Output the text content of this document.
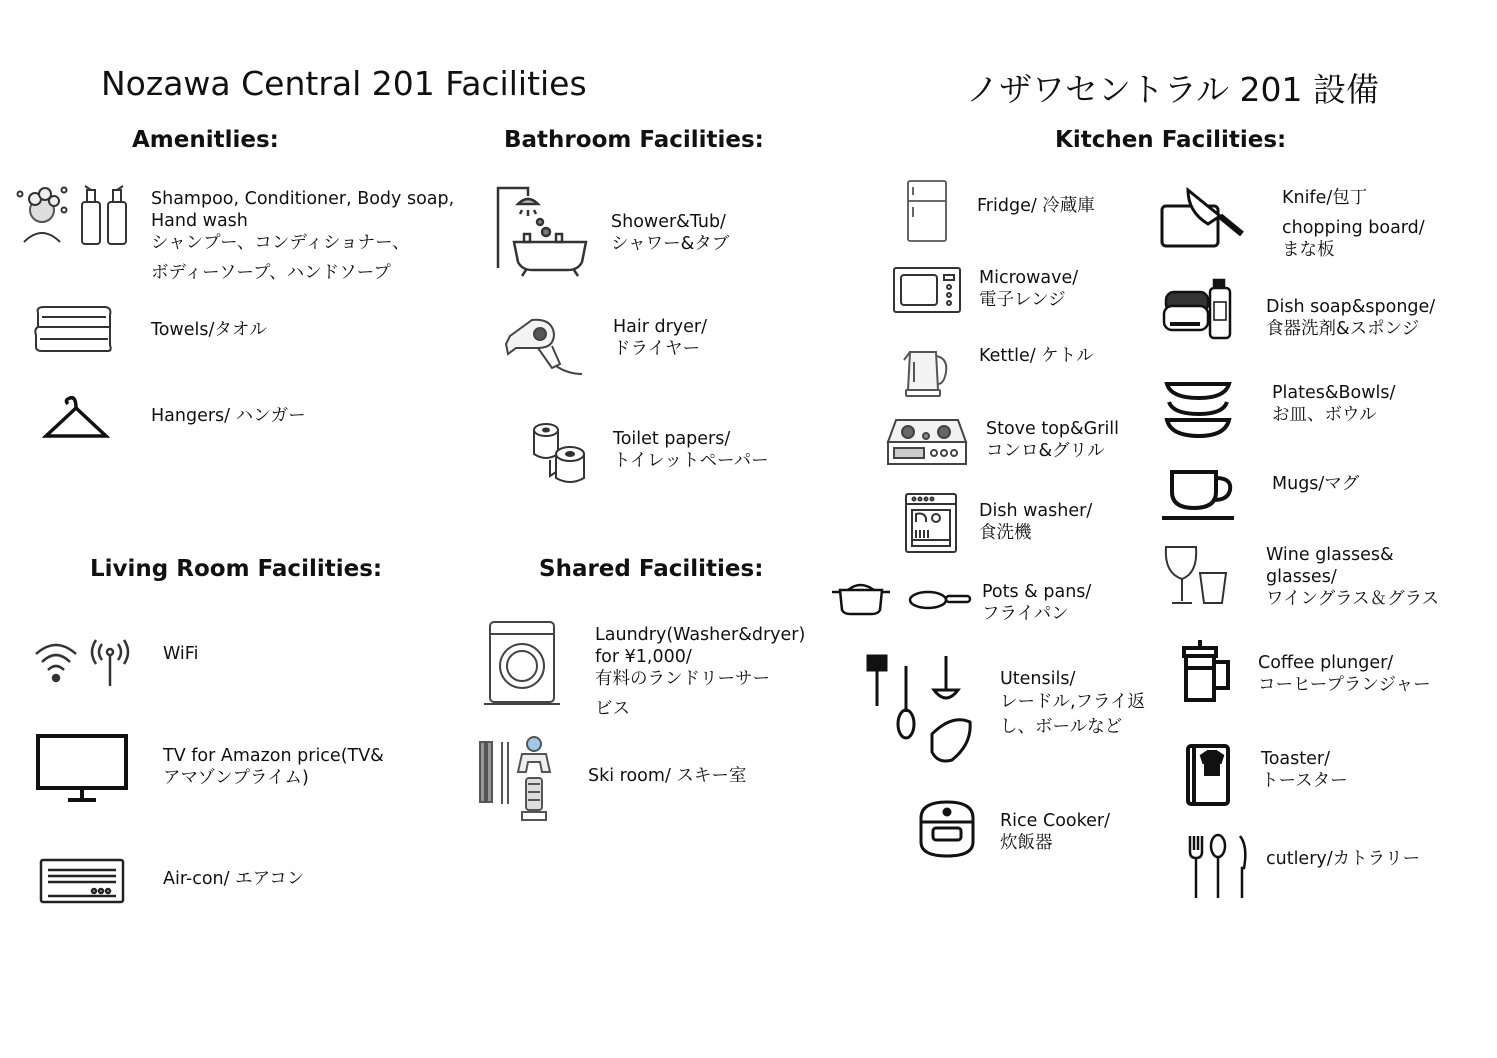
Nozawa Central 201 Facilities	ノザワセントラル 201 設備
Amenitlies:	Bathroom Facilities:	Kitchen Facilities:
Living Room Facilities:	Shared Facilities:
Shampoo, Conditioner, Body soap,
Hand wash
シャンプー、コンディショナー、
ボディーソープ、ハンドソープ
Towels/タオル
Hangers/ ハンガー
Shower&Tub/
シャワー&タブ
Hair dryer/
ドライヤー
Toilet papers/
トイレットペーパー
Fridge/ 冷蔵庫
Microwave/
電子レンジ
Kettle/ ケトル
Stove top&Grill
コンロ&グリル
Dish washer/
食洗機
Pots & pans/
フライパン
Utensils/
レードル,フライ返
し、ボールなど
Rice Cooker/
炊飯器
Knife/包丁
chopping board/
まな板
Dish soap&sponge/
食器洗剤&スポンジ
Plates&Bowls/
お皿、ボウル
Mugs/マグ
Wine glasses&
glasses/
ワイングラス＆グラス
Coffee plunger/
コーヒープランジャー
Toaster/
トースター
cutlery/カトラリー
WiFi
TV for Amazon price(TV&
アマゾンプライム)
Air-con/ エアコン
Laundry(Washer&dryer)
for ¥1,000/
有料のランドリーサー
ビス
Ski room/ スキー室
